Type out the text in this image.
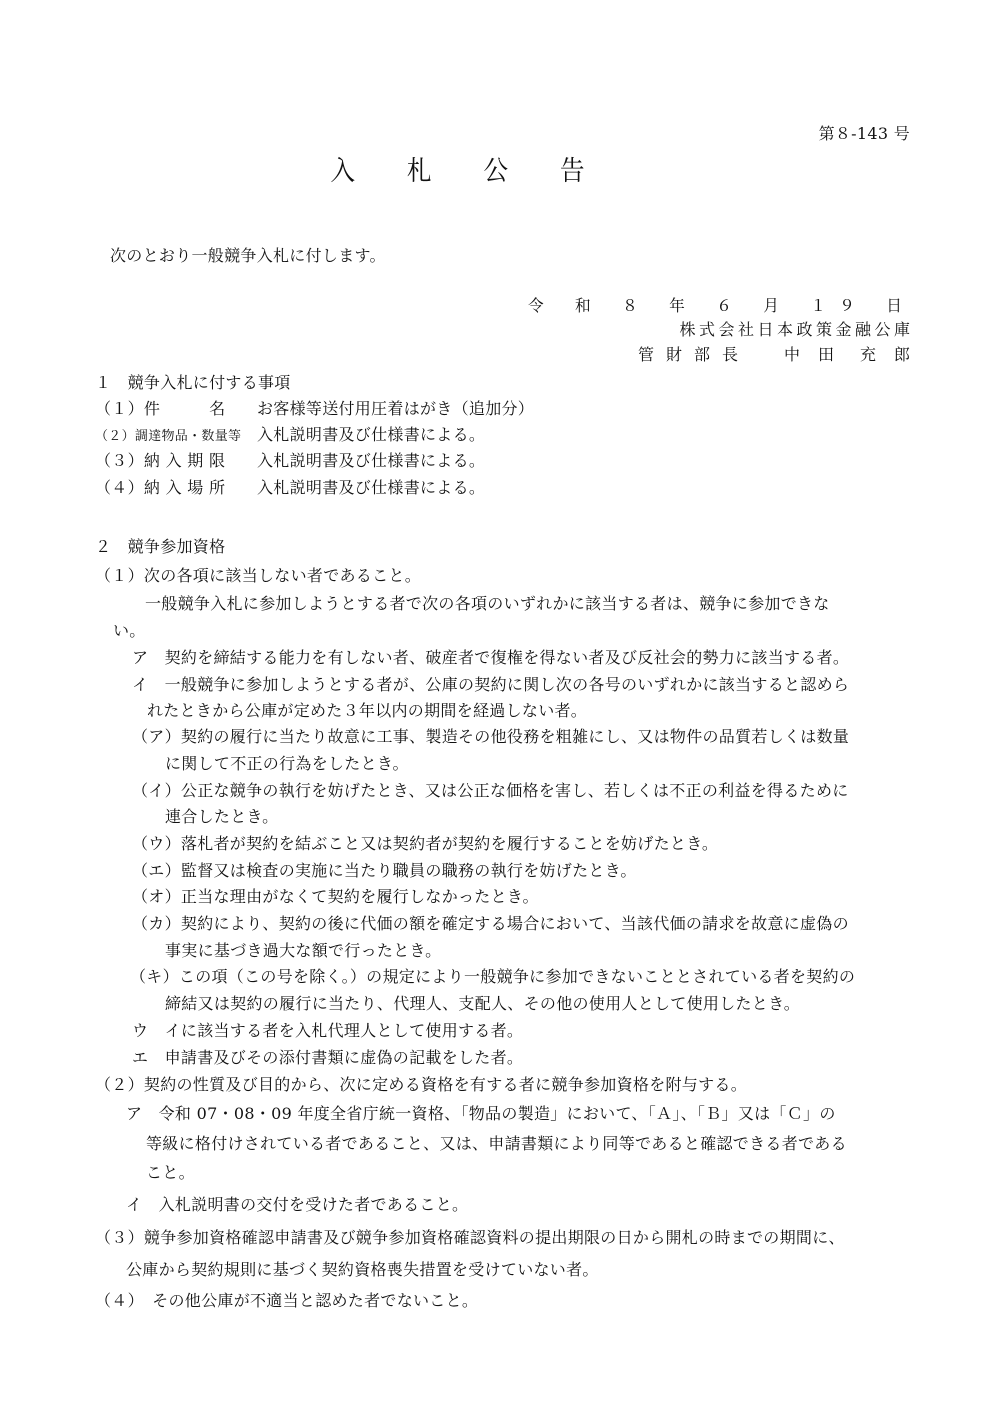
第８-143 号
入 札 公 告
次のとおり一般競争入札に付します。
令 和 ８ 年 ６ 月 １９ 日
株式会社日本政策金融公庫
管財部長 中田 充郎
１　競争入札に付する事項
（１）件　　　名 お客様等送付用圧着はがき（追加分）
（２）調達物品・数量等 入札説明書及び仕様書による。
（３）納 入 期 限 入札説明書及び仕様書による。
（４）納 入 場 所 入札説明書及び仕様書による。
２　競争参加資格
（１）次の各項に該当しない者であること。
一般競争入札に参加しようとする者で次の各項のいずれかに該当する者は、競争に参加できな
い。
ア　契約を締結する能力を有しない者、破産者で復権を得ない者及び反社会的勢力に該当する者。
イ　一般競争に参加しようとする者が、公庫の契約に関し次の各号のいずれかに該当すると認めら
れたときから公庫が定めた３年以内の期間を経過しない者。
（ア）契約の履行に当たり故意に工事、製造その他役務を粗雑にし、又は物件の品質若しくは数量
に関して不正の行為をしたとき。
（イ）公正な競争の執行を妨げたとき、又は公正な価格を害し、若しくは不正の利益を得るために
連合したとき。
（ウ）落札者が契約を結ぶこと又は契約者が契約を履行することを妨げたとき。
（エ）監督又は検査の実施に当たり職員の職務の執行を妨げたとき。
（オ）正当な理由がなくて契約を履行しなかったとき。
（カ）契約により、契約の後に代価の額を確定する場合において、当該代価の請求を故意に虚偽の
事実に基づき過大な額で行ったとき。
（キ）この項（この号を除く。）の規定により一般競争に参加できないこととされている者を契約の
締結又は契約の履行に当たり、代理人、支配人、その他の使用人として使用したとき。
ウ　イに該当する者を入札代理人として使用する者。
エ　申請書及びその添付書類に虚偽の記載をした者。
（２）契約の性質及び目的から、次に定める資格を有する者に競争参加資格を附与する。
ア　令和 07・08・09 年度全省庁統一資格、「物品の製造」において、「Ａ」、「Ｂ」又は「Ｃ」の
等級に格付けされている者であること、又は、申請書類により同等であると確認できる者である
こと。
イ　入札説明書の交付を受けた者であること。
（３）競争参加資格確認申請書及び競争参加資格確認資料の提出期限の日から開札の時までの期間に、
公庫から契約規則に基づく契約資格喪失措置を受けていない者。
（４）　その他公庫が不適当と認めた者でないこと。
